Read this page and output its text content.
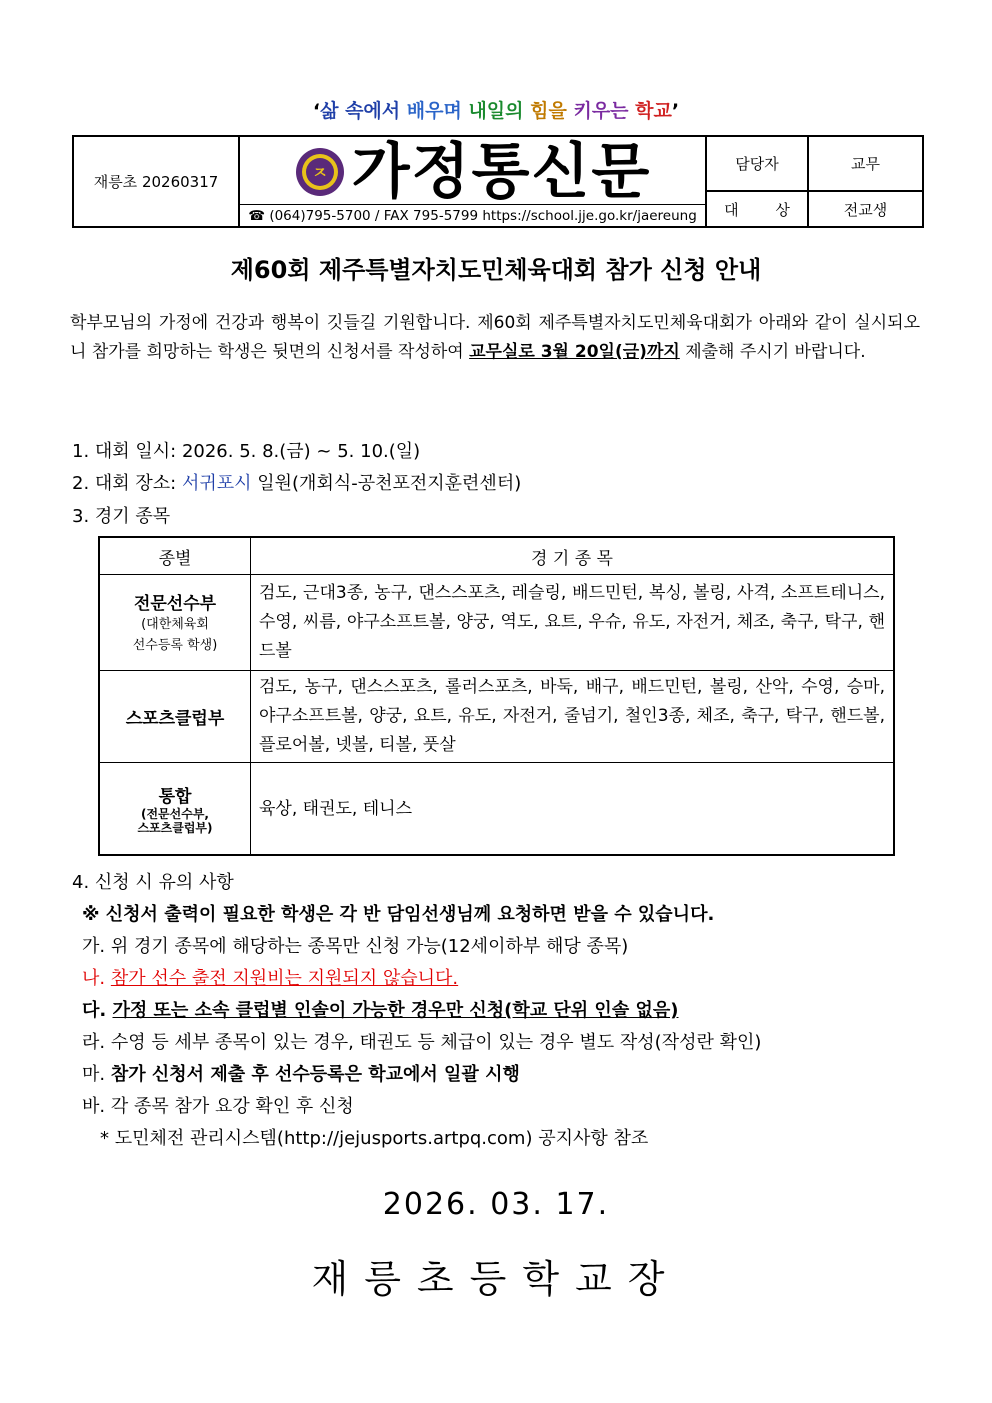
‘삶 속에서 배우며 내일의 힘을 키우는 학교’
재릉초 20260317	ㅈ 가정통신문
☎ (064)795-5700 / FAX 795-5799 https://school.jje.go.kr/jaereung
담당자	교무
대 상	전교생
제60회 제주특별자치도민체육대회 참가 신청 안내
학부모님의 가정에 건강과 행복이 깃들길 기원합니다. 제60회 제주특별자치도민체육대회가 아래와 같이 실시되오니 참가를 희망하는 학생은 뒷면의 신청서를 작성하여 교무실로 3월 20일(금)까지 제출해 주시기 바랍니다.
1. 대회 일시: 2026. 5. 8.(금) ~ 5. 10.(일)
2. 대회 장소: 서귀포시 일원(개회식-공천포전지훈련센터)
3. 경기 종목
종별	경 기 종 목

전문선수부
(대한체육회
선수등록 학생)	검도, 근대3종, 농구, 댄스스포츠, 레슬링, 배드민턴, 복싱, 볼링, 사격, 소프트테니스, 수영, 씨름, 야구소프트볼, 양궁, 역도, 요트, 우슈, 유도, 자전거, 체조, 축구, 탁구, 핸드볼

스포츠클럽부	검도, 농구, 댄스스포츠, 롤러스포츠, 바둑, 배구, 배드민턴, 볼링, 산악, 수영, 승마, 야구소프트볼, 양궁, 요트, 유도, 자전거, 줄넘기, 철인3종, 체조, 축구, 탁구, 핸드볼, 플로어볼, 넷볼, 티볼, 풋살

통합
(전문선수부,
스포츠클럽부)	육상, 태권도, 테니스
4. 신청 시 유의 사항
※ 신청서 출력이 필요한 학생은 각 반 담임선생님께 요청하면 받을 수 있습니다.
가. 위 경기 종목에 해당하는 종목만 신청 가능(12세이하부 해당 종목)
나. 참가 선수 출전 지원비는 지원되지 않습니다.
다. 가정 또는 소속 클럽별 인솔이 가능한 경우만 신청(학교 단위 인솔 없음)
라. 수영 등 세부 종목이 있는 경우, 태권도 등 체급이 있는 경우 별도 작성(작성란 확인)
마. 참가 신청서 제출 후 선수등록은 학교에서 일괄 시행
바. 각 종목 참가 요강 확인 후 신청
* 도민체전 관리시스템(http://jejusports.artpq.com) 공지사항 참조
2026. 03. 17.
재릉초등학교장
